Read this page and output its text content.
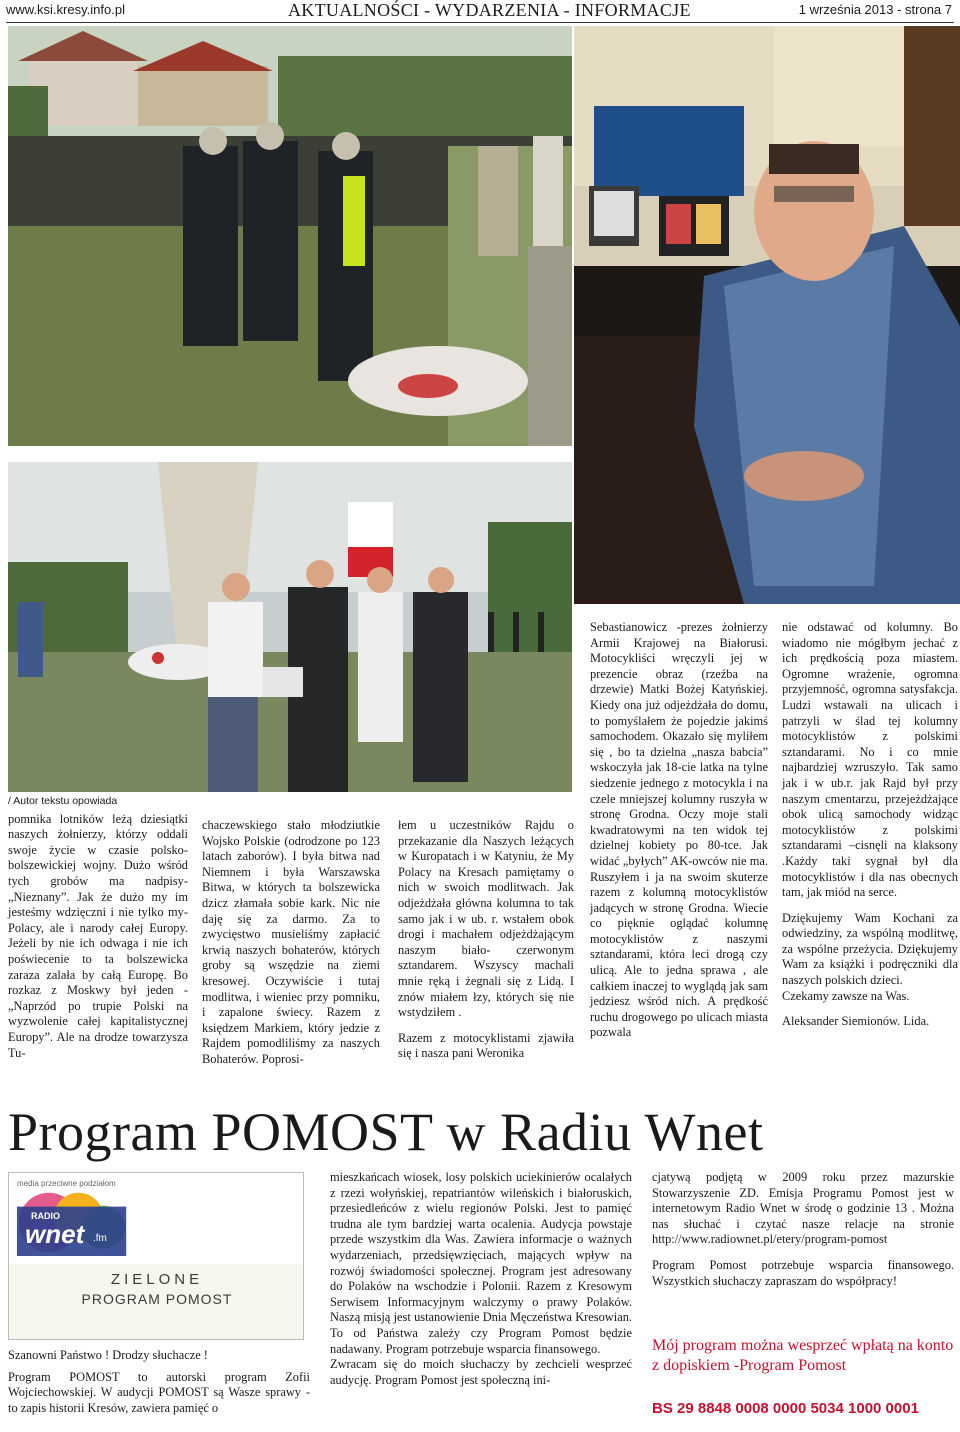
www.ksi.kresy.info.pl	AKTUALNOŚCI - WYDARZENIA - INFORMACJE	1 września 2013 - strona 7
/ Autor tekstu opowiada

pomnika lotników leżą dziesiątki naszych żołnierzy, którzy oddali swoje życie w czasie polsko-bolszewickiej wojny. Dużo wśród tych grobów ma nadpisy-„Nieznany”. Jak że dużo my im jesteśmy wdzięczni i nie tylko my-Polacy, ale i narody całej Europy. Jeżeli by nie ich odwaga i nie ich poświecenie to ta bolszewicka zaraza zalała by całą Europę. Bo rozkaz z Moskwy był jeden -„Naprzód po trupie Polski na wyzwolenie całej kapitalistycznej Europy”. Ale na drodze towarzysza Tu-

chaczewskiego stało młodziutkie Wojsko Polskie (odrodzone po 123 latach zaborów). I była bitwa nad Niemnem i była Warszawska Bitwa, w których ta bolszewicka dzicz złamała sobie kark. Nic nie daję się za darmo. Za to zwycięstwo musieliśmy zapłacić krwią naszych bohaterów, których groby są wszędzie na ziemi kresowej. Oczywiście i tutaj modlitwa, i wieniec przy pomniku, i zapalone świecy. Razem z księdzem Markiem, który jedzie z Rajdem pomodliliśmy za naszych Bohaterów. Poprosi-

łem u uczestników Rajdu o przekazanie dla Naszych leżących w Kuropatach i w Katyniu, że My Polacy na Kresach pamiętamy o nich w swoich modlitwach. Jak odjeżdżała główna kolumna to tak samo jak i w ub. r. wstałem obok drogi i machałem odjeżdżającym naszym biało- czerwonym sztandarem. Wszyscy machali mnie ręką i żegnali się z Lidą. I znów miałem łzy, których się nie wstydziłem .

Razem z motocyklistami zjawiła się i nasza pani Weronika

Sebastianowicz -prezes żołnierzy Armii Krajowej na Białorusi. Motocykliści wręczyli jej w prezencie obraz (rzeźba na drzewie) Matki Bożej Katyńskiej. Kiedy ona już odjeżdżała do domu, to pomyślałem że pojedzie jakimś samochodem. Okazało się myliłem się , bo ta dzielna „nasza babcia” wskoczyła jak 18-cie latka na tylne siedzenie jednego z motocykla i na czele mniejszej kolumny ruszyła w stronę Grodna. Oczy moje stali kwadratowymi na ten widok tej dzielnej kobiety po 80-tce. Jak widać „byłych” AK-owców nie ma. Ruszyłem i ja na swoim skuterze razem z kolumną motocyklistów jadących w stronę Grodna. Wiecie co pięknie oglądać kolumnę motocyklistów z naszymi sztandarami, która leci drogą czy ulicą. Ale to jedna sprawa , ale całkiem inaczej to wyglądą jak sam jedziesz wśród nich. A prędkość ruchu drogowego po ulicach miasta pozwala

nie odstawać od kolumny. Bo wiadomo nie mógłbym jechać z ich prędkością poza miastem. Ogromne wrażenie, ogromna przyjemność, ogromna satysfakcja. Ludzi wstawali na ulicach i patrzyli w ślad tej kolumny motocyklistów z polskimi sztandarami. No i co mnie najbardziej wzruszyło. Tak samo jak i w ub.r. jak Rajd był przy naszym cmentarzu, przejeżdżające obok ulicą samochody widząc motocyklistów z polskimi sztandarami –cisnęli na klaksony .Każdy taki sygnał był dla motocyklistów i dla nas obecnych tam, jak miód na serce.

Dziękujemy Wam Kochani za odwiedziny, za wspólną modlitwę, za wspólne przeżycia. Dziękujemy Wam za książki i podręczniki dla naszych polskich dzieci.

Czekamy zawsze na Was.

Aleksander Siemionów. Lida.

Program POMOST w Radiu Wnet
media przeciwne podziałom
RADIO
wnet .fm
ZIELONE
PROGRAM POMOST

Szanowni Państwo ! Drodzy słuchacze !

Program POMOST to autorski program Zofii Wojciechowskiej. W audycji POMOST są Wasze sprawy - to zapis historii Kresów, zawiera pamięć o

mieszkańcach wiosek, losy polskich uciekinierów ocalałych z rzezi wołyńskiej, repatriantów wileńskich i białoruskich, przesiedleńców z wielu regionów Polski. Jest to pamięć trudna ale tym bardziej warta ocalenia. Audycja powstaje przede wszystkim dla Was. Zawiera informacje o ważnych wydarzeniach, przedsięwzięciach, mających wpływ na rozwój świadomości społecznej. Program jest adresowany do Polaków na wschodzie i Polonii. Razem z Kresowym Serwisem Informacyjnym walczymy o prawy Polaków. Naszą misją jest ustanowienie Dnia Męczeństwa Kresowian. To od Państwa zależy czy Program Pomost będzie nadawany. Program potrzebuje wsparcia finansowego.

Zwracam się do moich słuchaczy by zechcieli wesprzeć audycję. Program Pomost jest społeczną ini-

cjatywą podjętą w 2009 roku przez mazurskie Stowarzyszenie ZD. Emisja Programu Pomost jest w internetowym Radio Wnet w środę o godzinie 13 . Można nas słuchać i czytać nasze relacje na stronie http://www.radiownet.pl/etery/program-pomost

Program Pomost potrzebuje wsparcia finansowego. Wszystkich słuchaczy zapraszam do współpracy!

Mój program można wesprzeć wpłatą na konto z dopiskiem -Program Pomost
BS 29 8848 0008 0000 5034 1000 0001
